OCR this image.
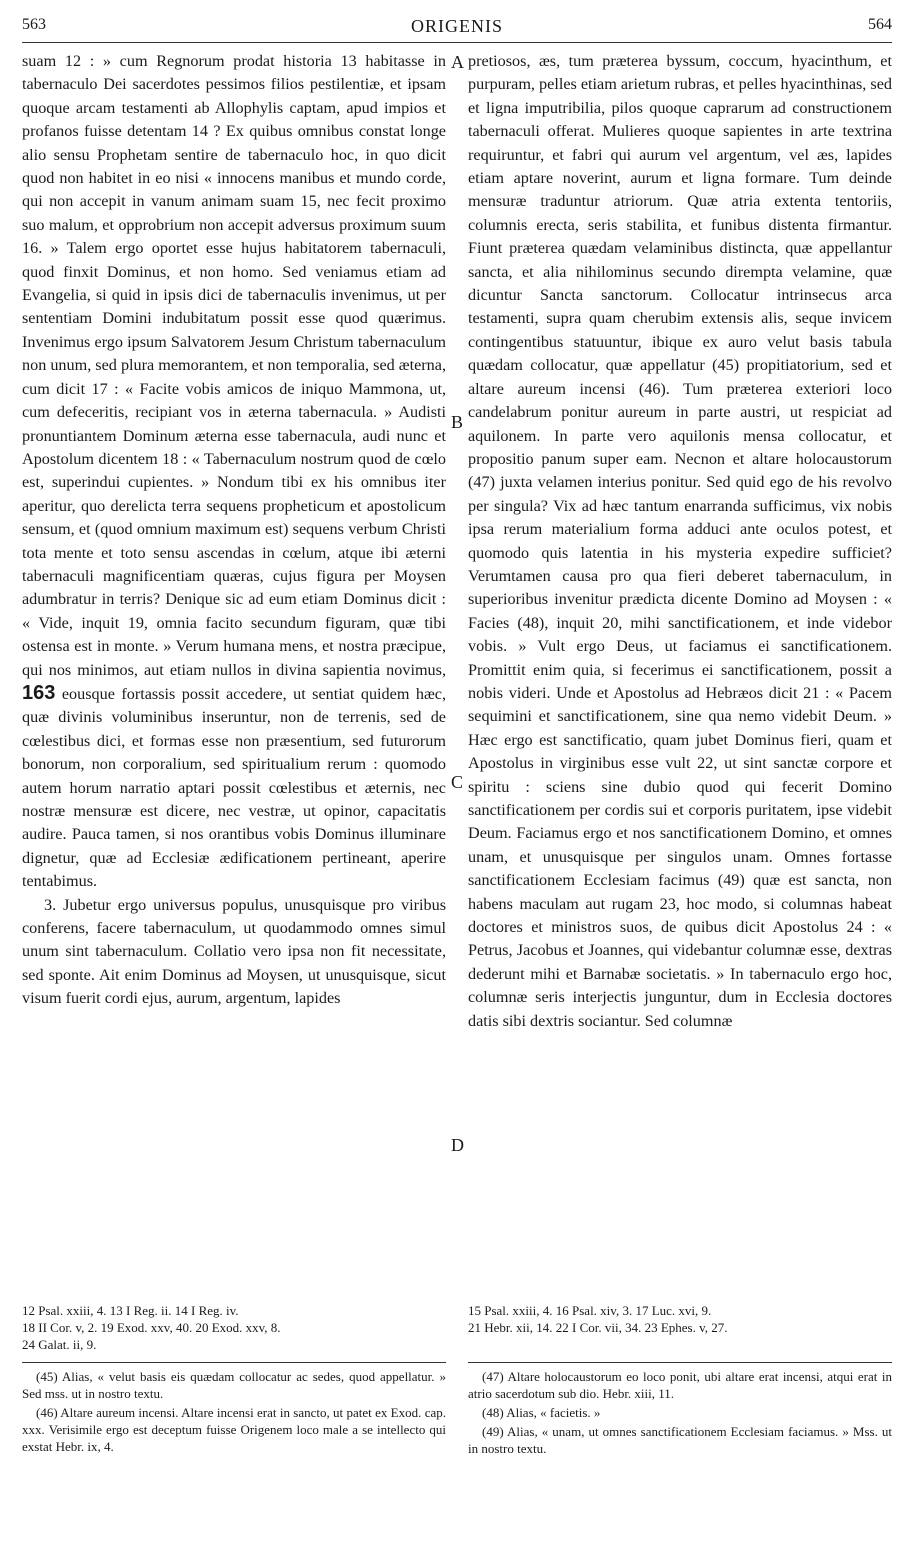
563	ORIGENIS	564

suam 12 : » cum Regnorum prodat historia 13 habitasse in tabernaculo Dei sacerdotes pessimos filios pestilentiæ, et ipsam quoque arcam testamenti ab Allophylis captam, apud impios et profanos fuisse detentam 14 ? Ex quibus omnibus constat longe alio sensu Prophetam sentire de tabernaculo hoc, in quo dicit quod non habitet in eo nisi « innocens manibus et mundo corde, qui non accepit in vanum animam suam 15, nec fecit proximo suo malum, et opprobrium non accepit adversus proximum suum 16. » Talem ergo oportet esse hujus habitatorem tabernaculi, quod finxit Dominus, et non homo. Sed veniamus etiam ad Evangelia, si quid in ipsis dici de tabernaculis invenimus, ut per sententiam Domini indubitatum possit esse quod quærimus. Invenimus ergo ipsum Salvatorem Jesum Christum tabernaculum non unum, sed plura memorantem, et non temporalia, sed æterna, cum dicit 17 : « Facite vobis amicos de iniquo Mammona, ut, cum defeceritis, recipiant vos in æterna tabernacula. » Audisti pronuntiantem Dominum æterna esse tabernacula, audi nunc et Apostolum dicentem 18 : « Tabernaculum nostrum quod de cœlo est, superindui cupientes. » Nondum tibi ex his omnibus iter aperitur, quo derelicta terra sequens propheticum et apostolicum sensum, et (quod omnium maximum est) sequens verbum Christi tota mente et toto sensu ascendas in cœlum, atque ibi æterni tabernaculi magnificentiam quæras, cujus figura per Moysen adumbratur in terris? Denique sic ad eum etiam Dominus dicit : « Vide, inquit 19, omnia facito secundum figuram, quæ tibi ostensa est in monte. » Verum humana mens, et nostra præcipue, qui nos minimos, aut etiam nullos in divina sapientia novimus, 163 eousque fortassis possit accedere, ut sentiat quidem hæc, quæ divinis voluminibus inseruntur, non de terrenis, sed de cœlestibus dici, et formas esse non præsentium, sed futurorum bonorum, non corporalium, sed spiritualium rerum : quomodo autem horum narratio aptari possit cœlestibus et æternis, nec nostræ mensuræ est dicere, nec vestræ, ut opinor, capacitatis audire. Pauca tamen, si nos orantibus vobis Dominus illuminare dignetur, quæ ad Ecclesiæ ædificationem pertineant, aperire tentabimus.

3. Jubetur ergo universus populus, unusquisque pro viribus conferens, facere tabernaculum, ut quodammodo omnes simul unum sint tabernaculum. Collatio vero ipsa non fit necessitate, sed sponte. Ait enim Dominus ad Moysen, ut unusquisque, sicut visum fuerit cordi ejus, aurum, argentum, lapides

A
B
C
D

pretiosos, æs, tum præterea byssum, coccum, hyacinthum, et purpuram, pelles etiam arietum rubras, et pelles hyacinthinas, sed et ligna imputribilia, pilos quoque caprarum ad constructionem tabernaculi offerat. Mulieres quoque sapientes in arte textrina requiruntur, et fabri qui aurum vel argentum, vel æs, lapides etiam aptare noverint, aurum et ligna formare. Tum deinde mensuræ traduntur atriorum. Quæ atria extenta tentoriis, columnis erecta, seris stabilita, et funibus distenta firmantur. Fiunt præterea quædam velaminibus distincta, quæ appellantur sancta, et alia nihilominus secundo dirempta velamine, quæ dicuntur Sancta sanctorum. Collocatur intrinsecus arca testamenti, supra quam cherubim extensis alis, seque invicem contingentibus statuuntur, ibique ex auro velut basis tabula quædam collocatur, quæ appellatur (45) propitiatorium, sed et altare aureum incensi (46). Tum præterea exteriori loco candelabrum ponitur aureum in parte austri, ut respiciat ad aquilonem. In parte vero aquilonis mensa collocatur, et propositio panum super eam. Necnon et altare holocaustorum (47) juxta velamen interius ponitur. Sed quid ego de his revolvo per singula? Vix ad hæc tantum enarranda sufficimus, vix nobis ipsa rerum materialium forma adduci ante oculos potest, et quomodo quis latentia in his mysteria expedire sufficiet? Verumtamen causa pro qua fieri deberet tabernaculum, in superioribus invenitur prædicta dicente Domino ad Moysen : « Facies (48), inquit 20, mihi sanctificationem, et inde videbor vobis. » Vult ergo Deus, ut faciamus ei sanctificationem. Promittit enim quia, si fecerimus ei sanctificationem, possit a nobis videri. Unde et Apostolus ad Hebræos dicit 21 : « Pacem sequimini et sanctificationem, sine qua nemo videbit Deum. » Hæc ergo est sanctificatio, quam jubet Dominus fieri, quam et Apostolus in virginibus esse vult 22, ut sint sanctæ corpore et spiritu : sciens sine dubio quod qui fecerit Domino sanctificationem per cordis sui et corporis puritatem, ipse videbit Deum. Faciamus ergo et nos sanctificationem Domino, et omnes unam, et unusquisque per singulos unam. Omnes fortasse sanctificationem Ecclesiam facimus (49) quæ est sancta, non habens maculam aut rugam 23, hoc modo, si columnas habeat doctores et ministros suos, de quibus dicit Apostolus 24 : « Petrus, Jacobus et Joannes, qui videbantur columnæ esse, dextras dederunt mihi et Barnabæ societatis. » In tabernaculo ergo hoc, columnæ seris interjectis junguntur, dum in Ecclesia doctores datis sibi dextris sociantur. Sed columnæ

12 Psal. xxiii, 4. 13 I Reg. ii. 14 I Reg. iv.
18 II Cor. v, 2. 19 Exod. xxv, 40. 20 Exod. xxv, 8.
24 Galat. ii, 9.
15 Psal. xxiii, 4. 16 Psal. xiv, 3. 17 Luc. xvi, 9.
21 Hebr. xii, 14. 22 I Cor. vii, 34. 23 Ephes. v, 27.

(45) Alias, « velut basis eis quædam collocatur ac sedes, quod appellatur. » Sed mss. ut in nostro textu.

(46) Altare aureum incensi. Altare incensi erat in sancto, ut patet ex Exod. cap. xxx. Verisimile ergo est deceptum fuisse Origenem loco male a se intellecto qui exstat Hebr. ix, 4.

(47) Altare holocaustorum eo loco ponit, ubi altare erat incensi, atqui erat in atrio sacerdotum sub dio. Hebr. xiii, 11.

(48) Alias, « facietis. »

(49) Alias, « unam, ut omnes sanctificationem Ecclesiam faciamus. » Mss. ut in nostro textu.
